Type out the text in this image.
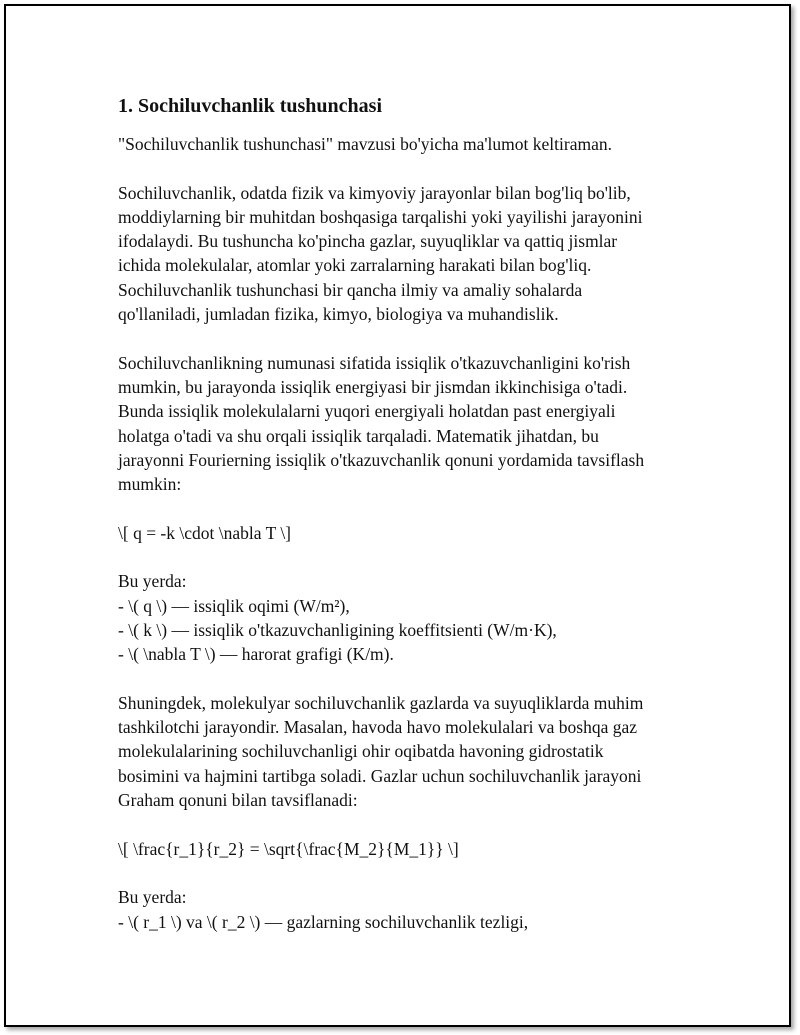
1. Sochiluvchanlik tushunchasi

"Sochiluvchanlik tushunchasi" mavzusi bo'yicha ma'lumot keltiraman.

Sochiluvchanlik, odatda fizik va kimyoviy jarayonlar bilan bog'liq bo'lib,
moddiylarning bir muhitdan boshqasiga tarqalishi yoki yayilishi jarayonini
ifodalaydi. Bu tushuncha ko'pincha gazlar, suyuqliklar va qattiq jismlar
ichida molekulalar, atomlar yoki zarralarning harakati bilan bog'liq.
Sochiluvchanlik tushunchasi bir qancha ilmiy va amaliy sohalarda
qo'llaniladi, jumladan fizika, kimyo, biologiya va muhandislik.

Sochiluvchanlikning numunasi sifatida issiqlik o'tkazuvchanligini ko'rish
mumkin, bu jarayonda issiqlik energiyasi bir jismdan ikkinchisiga o'tadi.
Bunda issiqlik molekulalarni yuqori energiyali holatdan past energiyali
holatga o'tadi va shu orqali issiqlik tarqaladi. Matematik jihatdan, bu
jarayonni Fourierning issiqlik o'tkazuvchanlik qonuni yordamida tavsiflash
mumkin:

\[ q = -k \cdot \nabla T \]

Bu yerda:
- \( q \) — issiqlik oqimi (W/m²),
- \( k \) — issiqlik o'tkazuvchanligining koeffitsienti (W/m·K),
- \( \nabla T \) — harorat grafigi (K/m).

Shuningdek, molekulyar sochiluvchanlik gazlarda va suyuqliklarda muhim
tashkilotchi jarayondir. Masalan, havoda havo molekulalari va boshqa gaz
molekulalarining sochiluvchanligi ohir oqibatda havoning gidrostatik
bosimini va hajmini tartibga soladi. Gazlar uchun sochiluvchanlik jarayoni
Graham qonuni bilan tavsiflanadi:

\[ \frac{r_1}{r_2} = \sqrt{\frac{M_2}{M_1}} \]

Bu yerda:
- \( r_1 \) va \( r_2 \) — gazlarning sochiluvchanlik tezligi,
